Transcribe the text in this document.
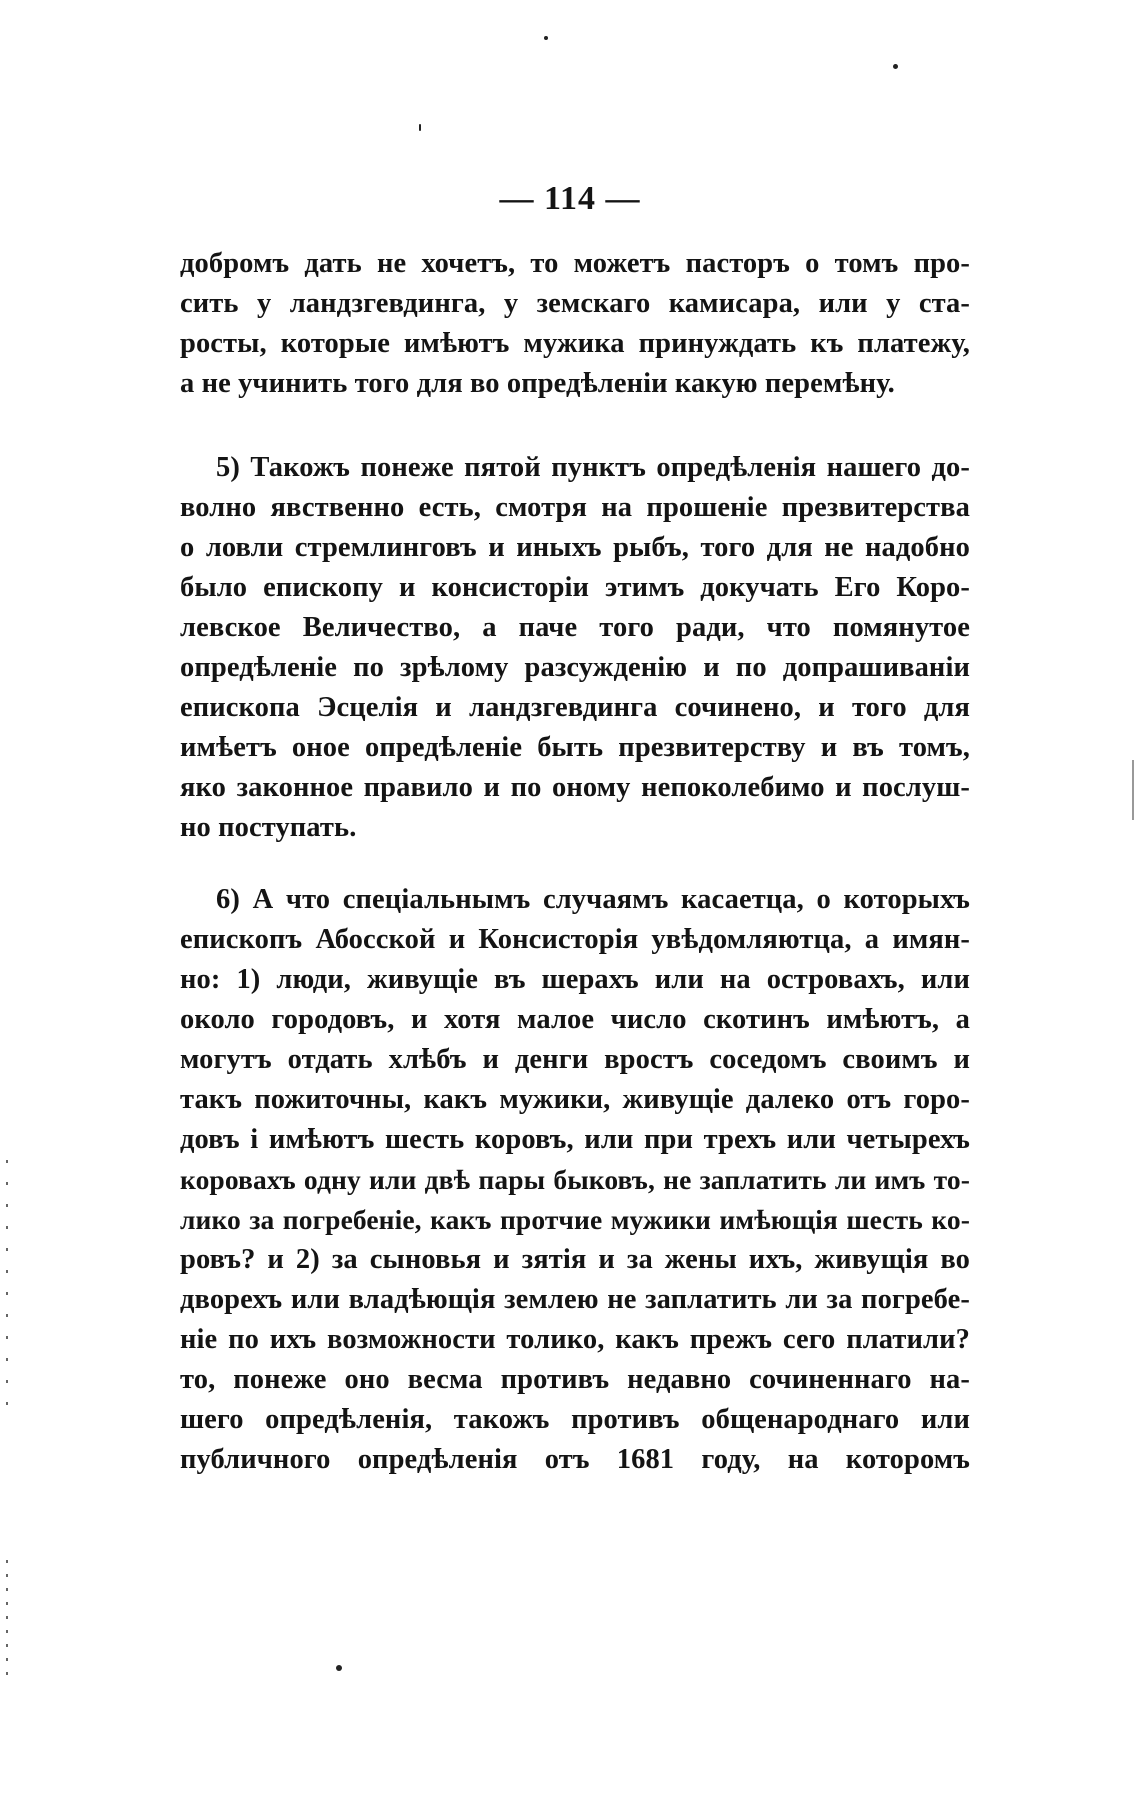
— 114 —
добромъ дать не хочетъ, то можетъ пасторъ о томъ про-
сить у ландзгевдинга, у земскаго камисара, или у ста-
росты, которые имѣютъ мужика принуждать къ платежу,
а не учинить того для во опредѣленіи какую перемѣну.
5) Такожъ понеже пятой пунктъ опредѣленія нашего до-
волно явственно есть, смотря на прошеніе презвитерства
о ловли стремлинговъ и иныхъ рыбъ, того для не надобно
было епископу и консисторіи этимъ докучать Его Коро-
левское Величество, а паче того ради, что помянутое
опредѣленіе по зрѣлому разсужденію и по допрашиваніи
епископа Эсцелія и ландзгевдинга сочинено, и того для
имѣетъ оное опредѣленіе быть презвитерству и въ томъ,
яко законное правило и по оному непоколебимо и послуш-
но поступать.
6) А что спеціальнымъ случаямъ касаетца, о которыхъ
епископъ Абосской и Консисторія увѣдомляютца, а имян-
но: 1) люди, живущіе въ шерахъ или на островахъ, или
около городовъ, и хотя малое число скотинъ имѣютъ, а
могутъ отдать хлѣбъ и денги вростъ соседомъ своимъ и
такъ пожиточны, какъ мужики, живущіе далеко отъ горо-
довъ і имѣютъ шесть коровъ, или при трехъ или четырехъ
коровахъ одну или двѣ пары быковъ, не заплатить ли имъ то-
лико за погребеніе, какъ протчие мужики имѣющія шесть ко-
ровъ? и 2) за сыновья и зятія и за жены ихъ, живущія во
дворехъ или владѣющія землею не заплатить ли за погребе-
ніе по ихъ возможности толико, какъ прежъ сего платили?
то, понеже оно весма противъ недавно сочиненнаго на-
шего опредѣленія, такожъ противъ общенароднаго или
публичного опредѣленія отъ 1681 году, на которомъ
